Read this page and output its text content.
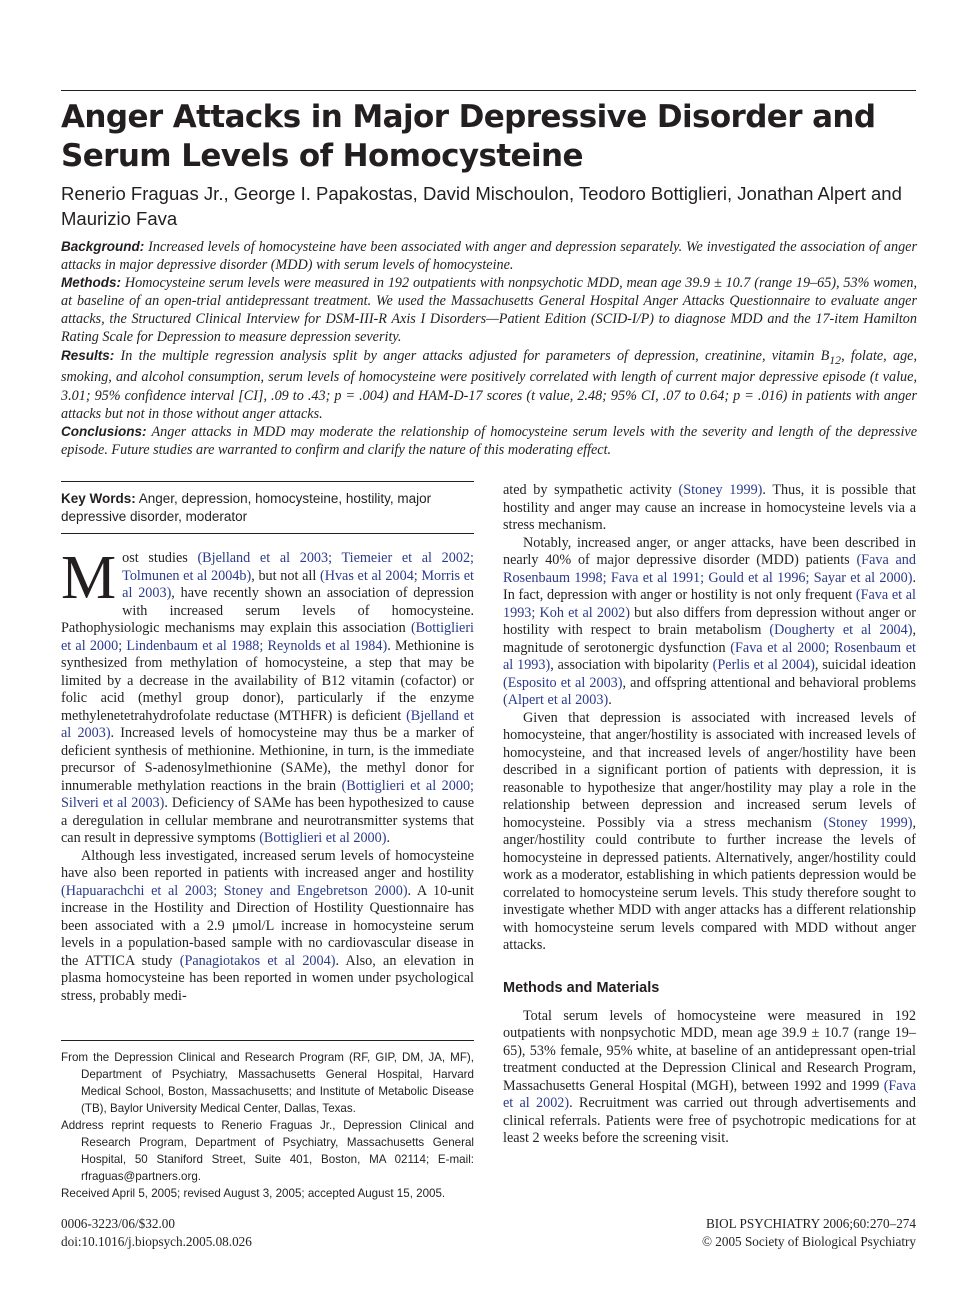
Anger Attacks in Major Depressive Disorder and Serum Levels of Homocysteine
Renerio Fraguas Jr., George I. Papakostas, David Mischoulon, Teodoro Bottiglieri, Jonathan Alpert and Maurizio Fava

Background: Increased levels of homocysteine have been associated with anger and depression separately. We investigated the association of anger attacks in major depressive disorder (MDD) with serum levels of homocysteine.

Methods: Homocysteine serum levels were measured in 192 outpatients with nonpsychotic MDD, mean age 39.9 ± 10.7 (range 19–65), 53% women, at baseline of an open-trial antidepressant treatment. We used the Massachusetts General Hospital Anger Attacks Questionnaire to evaluate anger attacks, the Structured Clinical Interview for DSM-III-R Axis I Disorders—Patient Edition (SCID-I/P) to diagnose MDD and the 17-item Hamilton Rating Scale for Depression to measure depression severity.

Results: In the multiple regression analysis split by anger attacks adjusted for parameters of depression, creatinine, vitamin $B_{12}$, folate, age, smoking, and alcohol consumption, serum levels of homocysteine were positively correlated with length of current major depressive episode (t value, 3.01; 95% confidence interval [CI], .09 to .43; p = .004) and HAM-D-17 scores (t value, 2.48; 95% CI, .07 to 0.64; p = .016) in patients with anger attacks but not in those without anger attacks.

Conclusions: Anger attacks in MDD may moderate the relationship of homocysteine serum levels with the severity and length of the depressive episode. Future studies are warranted to confirm and clarify the nature of this moderating effect.

Key Words: Anger, depression, homocysteine, hostility, major depressive disorder, moderator

Most studies (Bjelland et al 2003; Tiemeier et al 2002; Tolmunen et al 2004b), but not all (Hvas et al 2004; Morris et al 2003), have recently shown an association of depression with increased serum levels of homocysteine. Pathophysiologic mechanisms may explain this association (Bottiglieri et al 2000; Lindenbaum et al 1988; Reynolds et al 1984). Methionine is synthesized from methylation of homocysteine, a step that may be limited by a decrease in the availability of B12 vitamin (cofactor) or folic acid (methyl group donor), particularly if the enzyme methylenetetrahydrofolate reductase (MTHFR) is deficient (Bjelland et al 2003). Increased levels of homocysteine may thus be a marker of deficient synthesis of methionine. Methionine, in turn, is the immediate precursor of S-adenosylmethionine (SAMe), the methyl donor for innumerable methylation reactions in the brain (Bottiglieri et al 2000; Silveri et al 2003). Deficiency of SAMe has been hypothesized to cause a deregulation in cellular membrane and neurotransmitter systems that can result in depressive symptoms (Bottiglieri et al 2000).

Although less investigated, increased serum levels of homocysteine have also been reported in patients with increased anger and hostility (Hapuarachchi et al 2003; Stoney and Engebretson 2000). A 10-unit increase in the Hostility and Direction of Hostility Questionnaire has been associated with a 2.9 μmol/L increase in homocysteine serum levels in a population-based sample with no cardiovascular disease in the ATTICA study (Panagiotakos et al 2004). Also, an elevation in plasma homocysteine has been reported in women under psychological stress, probably medi-

From the Depression Clinical and Research Program (RF, GIP, DM, JA, MF), Department of Psychiatry, Massachusetts General Hospital, Harvard Medical School, Boston, Massachusetts; and Institute of Metabolic Disease (TB), Baylor University Medical Center, Dallas, Texas.

Address reprint requests to Renerio Fraguas Jr., Depression Clinical and Research Program, Department of Psychiatry, Massachusetts General Hospital, 50 Staniford Street, Suite 401, Boston, MA 02114; E-mail: rfraguas@partners.org.

Received April 5, 2005; revised August 3, 2005; accepted August 15, 2005.

ated by sympathetic activity (Stoney 1999). Thus, it is possible that hostility and anger may cause an increase in homocysteine levels via a stress mechanism.

Notably, increased anger, or anger attacks, have been described in nearly 40% of major depressive disorder (MDD) patients (Fava and Rosenbaum 1998; Fava et al 1991; Gould et al 1996; Sayar et al 2000). In fact, depression with anger or hostility is not only frequent (Fava et al 1993; Koh et al 2002) but also differs from depression without anger or hostility with respect to brain metabolism (Dougherty et al 2004), magnitude of serotonergic dysfunction (Fava et al 2000; Rosenbaum et al 1993), association with bipolarity (Perlis et al 2004), suicidal ideation (Esposito et al 2003), and offspring attentional and behavioral problems (Alpert et al 2003).

Given that depression is associated with increased levels of homocysteine, that anger/hostility is associated with increased levels of homocysteine, and that increased levels of anger/hostility have been described in a significant portion of patients with depression, it is reasonable to hypothesize that anger/hostility may play a role in the relationship between depression and increased serum levels of homocysteine. Possibly via a stress mechanism (Stoney 1999), anger/hostility could contribute to further increase the levels of homocysteine in depressed patients. Alternatively, anger/hostility could work as a moderator, establishing in which patients depression would be correlated to homocysteine serum levels. This study therefore sought to investigate whether MDD with anger attacks has a different relationship with homocysteine serum levels compared with MDD without anger attacks.

Methods and Materials

Total serum levels of homocysteine were measured in 192 outpatients with nonpsychotic MDD, mean age 39.9 ± 10.7 (range 19–65), 53% female, 95% white, at baseline of an antidepressant open-trial treatment conducted at the Depression Clinical and Research Program, Massachusetts General Hospital (MGH), between 1992 and 1999 (Fava et al 2002). Recruitment was carried out through advertisements and clinical referrals. Patients were free of psychotropic medications for at least 2 weeks before the screening visit.

0006-3223/06/$32.00
doi:10.1016/j.biopsych.2005.08.026
BIOL PSYCHIATRY 2006;60:270–274
© 2005 Society of Biological Psychiatry
